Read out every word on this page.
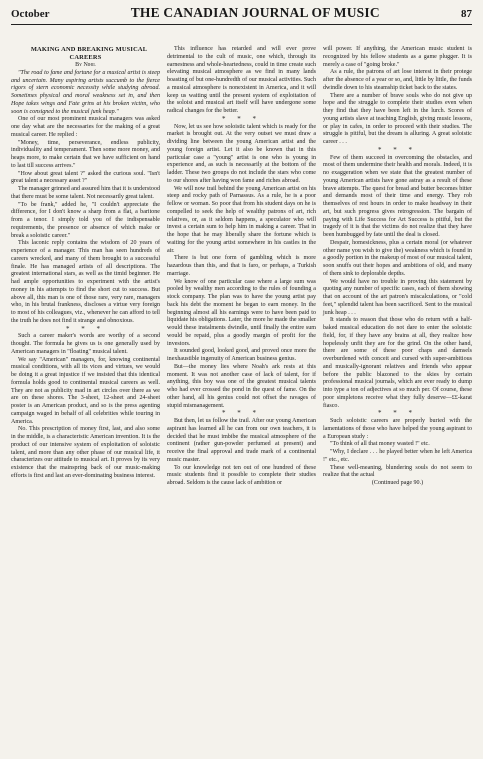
October	THE CANADIAN JOURNAL OF MUSIC	87

MAKING AND BREAKING MUSICAL CAREERS

By Nihil

"The road to fame and fortune for a musical artist is steep and uncertain. Many aspiring artists succumb to the fierce rigors of stern economic necessity while studying abroad. Sometimes physical and moral weakness set in, and then Hope takes wings and Fate grins at his broken victim, who soon is consigned to the musical junk heap."

One of our most prominent musical managers was asked one day what are the necessaries for the making of a great musical career. He replied :

"Money, time, perseverance, endless publicity, individuality and temperament. Then some more money, and heaps more, to make certain that we have sufficient on hand to last till success arrives."

"How about great talent ?" asked the curious soul. "Isn't great talent a necessary asset ?"

The manager grinned and assured him that it is understood that there must be some talent. Not necessarily great talent.

"To be frank," added he, "I couldn't appreciate the difference, for I don't know a sharp from a flat, a baritone from a tenor. I simply told you of the indispensable requirements, the presence or absence of which make or break a soloistic career."

This laconic reply contains the wisdom of 20 years of experience of a manager. This man has seen hundreds of careers wrecked, and many of them brought to a successful finale. He has managed artists of all descriptions. The greatest international stars, as well as the timid beginner. He had ample opportunities to experiment with the artist's money in his attempts to find the short cut to success. But above all, this man is one of those rare, very rare, managers who, in his brutal frankness, discloses a virtue very foreign to most of his colleagues, viz., whenever he can afford to tell the truth he does not find it strange and obnoxious.

* * *

Such a career maker's words are worthy of a second thought. The formula he gives us is one generally used by American managers in "floating" musical talent.

We say "American" managers, for, knowing continental musical conditions, with all its vices and virtues, we would be doing it a great injustice if we insisted that this identical formula holds good to continental musical careers as well. They are not as publicity mad in art circles over there as we are on these shores. The 3-sheet, 12-sheet and 24-sheet poster is an American product, and so is the press agenting campaign waged in behalf of all celebrities while touring in America.

No. This prescription of money first, last, and also some in the middle, is a characteristic American invention. It is the product of our intensive system of exploitation of soloistic talent, and more than any other phase of our musical life, it characterizes our attitude to musical art. It proves by its very existence that the mainspring back of our music-making efforts is first and last an ever-dominating business interest.

This influence has retarded and will ever prove detrimental to the cult of music, one which, through its earnestness and whole-heartedness, could in time create such elevating musical atmosphere as we find in many lands boasting of but one-hundredth of our musical activities. Such a musical atmosphere is nonexistent in America, and it will keep us waiting until the present system of exploitation of the soloist and musical art itself will have undergone some radical changes for the better.

* * *

Now, let us see how soloistic talent which is ready for the market is brought out. At the very outset we must draw a dividing line between the young American artist and the young foreign artist. Let it also be known that in this particular case a "young" artist is one who is young in experience and, as such is necessarily at the bottom of the ladder. These two groups do not include the stars who come to our shores after having won fame and riches abroad.

We will now trail behind the young American artist on his steep and rocky path of Parnassus. As a rule, he is a poor fellow or woman. So poor that from his student days on he is compelled to seek the help of wealthy patrons of art, rich relatives, or, as it seldom happens, a speculator who will invest a certain sum to help him in making a career. That in the hope that he may liberally share the fortune which is waiting for the young artist somewhere in his castles in the air.

There is but one form of gambling which is more hazardous than this, and that is faro, or perhaps, a Turkish marriage.

We know of one particular case where a large sum was pooled by wealthy men according to the rules of founding a stock company. The plan was to have the young artist pay back his debt the moment he began to earn money. In the beginning almost all his earnings were to have been paid to liquidate his obligations. Later, the more he made the smaller would these instalments dwindle, until finally the entire sum would be repaid, plus a goodly margin of profit for the investors.

It sounded good, looked good, and proved once more the inexhaustible ingenuity of American business genius.

But—the money lies where Noah's ark rests at this moment. It was not another case of lack of talent, for if anything, this boy was one of the greatest musical talents who had ever crossed the pond in the quest of fame. On the other hand, all his genius could not offset the ravages of stupid mismanagement.

* * *

But then, let us follow the trail. After our young American aspirant has learned all he can from our own teachers, it is decided that he must imbibe the musical atmosphere of the continent (rather gun-powder perfumed at present) and receive the final approval and trade mark of a continental music master.

To our knowledge not ten out of one hundred of these music students find it possible to complete their studies abroad. Seldom is the cause lack of ambition or

will power. If anything, the American music student is recognized by his fellow students as a game plugger. It is merely a case of "going broke."

As a rule, the patrons of art lose interest in their protege after the absence of a year or so, and, little by little, the funds dwindle down to his steamship ticket back to the states.

There are a number of brave souls who do not give up hope and the struggle to complete their studies even when they find that they have been left in the lurch. Scores of young artists slave at teaching English, giving music lessons, or play in cafes, in order to proceed with their studies. The struggle is pitiful, but the dream is alluring. A great soloistic career . . .

* * *

Few of them succeed in overcoming the obstacles, and most of them undermine their health and morals. Indeed, it is no exaggeration when we state that the greatest number of young American artists have gone astray as a result of these brave attempts. The quest for bread and butter becomes bitter and demands most of their time and energy. They rob themselves of rest hours in order to make headway in their art, but such progress gives retrogression. The bargain of paying with Life Success for Art Success is pitiful, but the tragedy of it is that the victims do not realize that they have been humbugged by fate until the deal is closed.

Despair, homesickness, plus a certain moral (or whatever other name you wish to give the) weakness which is found in a goodly portion in the makeup of most of our musical talent, soon snuffs out their hopes and ambitions of old, and many of them sink to deplorable depths.

We would have no trouble in proving this statement by quoting any number of specific cases, each of them showing that on account of the art patron's miscalculations, or "cold feet," splendid talent has been sacrificed. Sent to the musical junk heap . . .

It stands to reason that those who do return with a half-baked musical education do not dare to enter the soloistic field, for, if they have any brains at all, they realize how hopelessly unfit they are for the grind. On the other hand, there are some of these poor chaps and damsels overburdened with conceit and cursed with super-ambitious and musically-ignorant relatives and friends who appear before the public blazoned to the skies by certain professional musical journals, which are ever ready to dump into type a ton of adjectives at so much per. Of course, these poor simpletons receive what they fully deserve—££-karat fiasco.

* * *

Such soloistic careers are properly buried with the lamentations of those who have helped the young aspirant to a European study :

"To think of all that money wasted !" etc.

"Why, I declare . . . he played better when he left America !" etc., etc.

These well-meaning, blundering souls do not seem to realize that the actual

(Continued page 90.)
